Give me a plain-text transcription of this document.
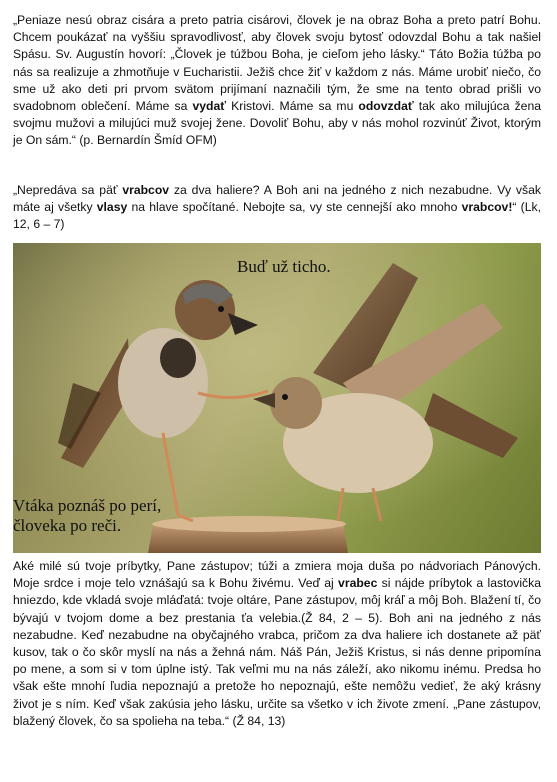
„Peniaze nesú obraz cisára a preto patria cisárovi, človek je na obraz Boha a preto patrí Bohu. Chcem poukázať na vyššiu spravodlivosť, aby človek svoju bytosť odovzdal Bohu a tak našiel Spásu. Sv. Augustín hovorí: „Človek je túžbou Boha, je cieľom jeho lásky.“ Táto Božia túžba po nás sa realizuje a zhmotňuje v Eucharistii. Ježiš chce žiť v každom z nás. Máme urobiť niečo, čo sme už ako deti pri prvom svätom prijímaní naznačili tým, že sme na tento obrad prišli vo svadobnom oblečení. Máme sa vydať Kristovi. Máme sa mu odovzdať tak ako milujúca žena svojmu mužovi a milujúci muž svojej žene. Dovoliť Bohu, aby v nás mohol rozvinúť Život, ktorým je On sám.“ (p. Bernardín Šmíd OFM)

„Nepredáva sa päť vrabcov za dva haliere? A Boh ani na jedného z nich nezabudne. Vy však máte aj všetky vlasy na hlave spočítané. Nebojte sa, vy ste cennejší ako mnoho vrabcov!“ (Lk, 12, 6 – 7)

Buď už ticho.
Vtáka poznáš po perí,
človeka po reči.

Aké milé sú tvoje príbytky, Pane zástupov; túži a zmiera moja duša po nádvoriach Pánových. Moje srdce i moje telo vznášajú sa k Bohu živému. Veď aj vrabec si nájde príbytok a lastovička hniezdo, kde vkladá svoje mláďatá: tvoje oltáre, Pane zástupov, môj kráľ a môj Boh. Blažení tí, čo bývajú v tvojom dome a bez prestania ťa velebia.(Ž 84, 2 – 5). Boh ani na jedného z nás nezabudne. Keď nezabudne na obyčajného vrabca, pričom za dva haliere ich dostanete až päť kusov, tak o čo skôr myslí na nás a žehná nám. Náš Pán, Ježiš Kristus, si nás denne pripomína po mene, a som si v tom úplne istý. Tak veľmi mu na nás záleží, ako nikomu inému. Predsa ho však ešte mnohí ľudia nepoznajú a pretože ho nepoznajú, ešte nemôžu vedieť, že aký krásny život je s ním. Keď však zakúsia jeho lásku, určite sa všetko v ich živote zmení. „Pane zástupov, blažený človek, čo sa spolieha na teba.“ (Ž 84, 13)
